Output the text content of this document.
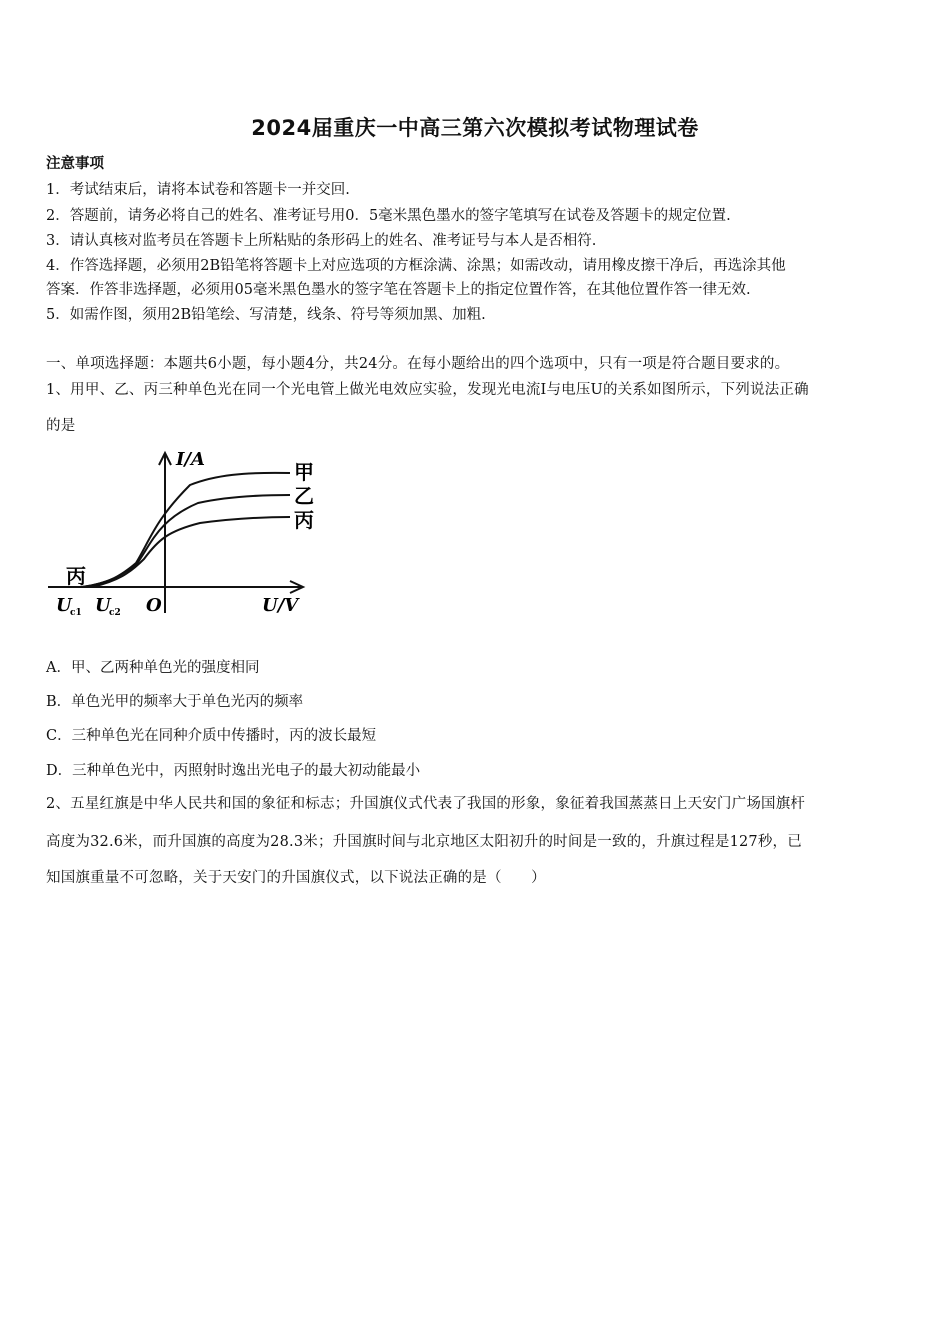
2024届重庆一中高三第六次模拟考试物理试卷
注意事项
1．考试结束后，请将本试卷和答题卡一并交回.
2．答题前，请务必将自己的姓名、准考证号用0．5毫米黑色墨水的签字笔填写在试卷及答题卡的规定位置.
3．请认真核对监考员在答题卡上所粘贴的条形码上的姓名、准考证号与本人是否相符.
4．作答选择题，必须用2B铅笔将答题卡上对应选项的方框涂满、涂黑；如需改动，请用橡皮擦干净后，再选涂其他
答案．作答非选择题，必须用05毫米黑色墨水的签字笔在答题卡上的指定位置作答，在其他位置作答一律无效.
5．如需作图，须用2B铅笔绘、写清楚，线条、符号等须加黑、加粗.
一、单项选择题：本题共6小题，每小题4分，共24分。在每小题给出的四个选项中，只有一项是符合题目要求的。
1、用甲、乙、丙三种单色光在同一个光电管上做光电效应实验，发现光电流I与电压U的关系如图所示，下列说法正确
的是
I/A
U/V
O
U
c1 U
c2
甲
乙
丙
丙
A．甲、乙两种单色光的强度相同
B．单色光甲的频率大于单色光丙的频率
C．三种单色光在同种介质中传播时，丙的波长最短
D．三种单色光中，丙照射时逸出光电子的最大初动能最小
2、五星红旗是中华人民共和国的象征和标志；升国旗仪式代表了我国的形象，象征着我国蒸蒸日上天安门广场国旗杆
高度为32.6米，而升国旗的高度为28.3米；升国旗时间与北京地区太阳初升的时间是一致的，升旗过程是127秒，已
知国旗重量不可忽略，关于天安门的升国旗仪式，以下说法正确的是（　　）
